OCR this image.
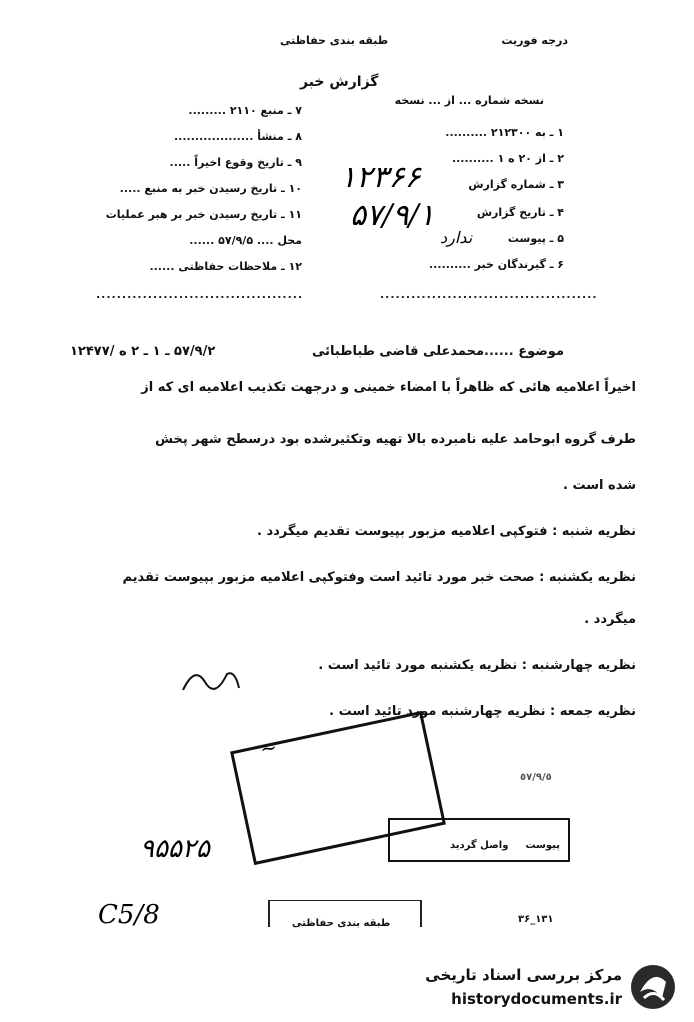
درجه فوریت
طبقه بندی حفاظتی
گزارش خبر
نسخه شماره ... از ... نسخه
۱ ـ به ۲۱۲۳۰۰ ..........
۲ ـ از ۲۰ ه ۱ ..........
۳ ـ شماره گزارش
۴ ـ تاریخ گزارش
۵ ـ پیوست
۶ ـ گیرندگان خبر ..........
۱۲۳۶۶
۵۷/۹/۱
ندارد
۷ ـ منبع ۲۱۱۰ .........
۸ ـ منشأ ...................
۹ ـ تاریخ وقوع اخیراً .....
۱۰ ـ تاریخ رسیدن خبر به منبع .....
۱۱ ـ تاریخ رسیدن خبر بر هبر عملیات
محل .... ۵۷/۹/۵ ......
۱۲ ـ ملاحظات حفاظتی ......
........................................	..........................................
موضوع ......محمدعلی قاضی طباطبائی
۵۷/۹/۲ ـ ۱ ـ ۲ ه /۱۲۴۷۷
اخیراً اعلامیه هائی که ظاهراً با امضاء خمینی و درجهت تکذیب اعلامیه ای که از
طرف گروه ابوحامد علیه نامبرده بالا تهیه وتکثیرشده بود درسطح شهر پخش
شده است .
نظریه شنبه : فتوکپی اعلامیه مزبور بپیوست تقدیم میگردد .
نظریه یکشنبه : صحت خبر مورد تائید است وفتوکپی اعلامیه مزبور بپیوست تقدیم
میگردد .
نظریه چهارشنبه : نظریه یکشنبه مورد تائید است .
نظریه جمعه : نظریه چهارشنبه مورد تائید است .
~
٥٧/٩/٥
پیوست
واصل گردید
۹۵۵۲۵
C5/8	طبقه بندی حفاظتی	۳۶_۱۳۱
مرکز بررسی اسناد تاریخی
historydocuments.ir
